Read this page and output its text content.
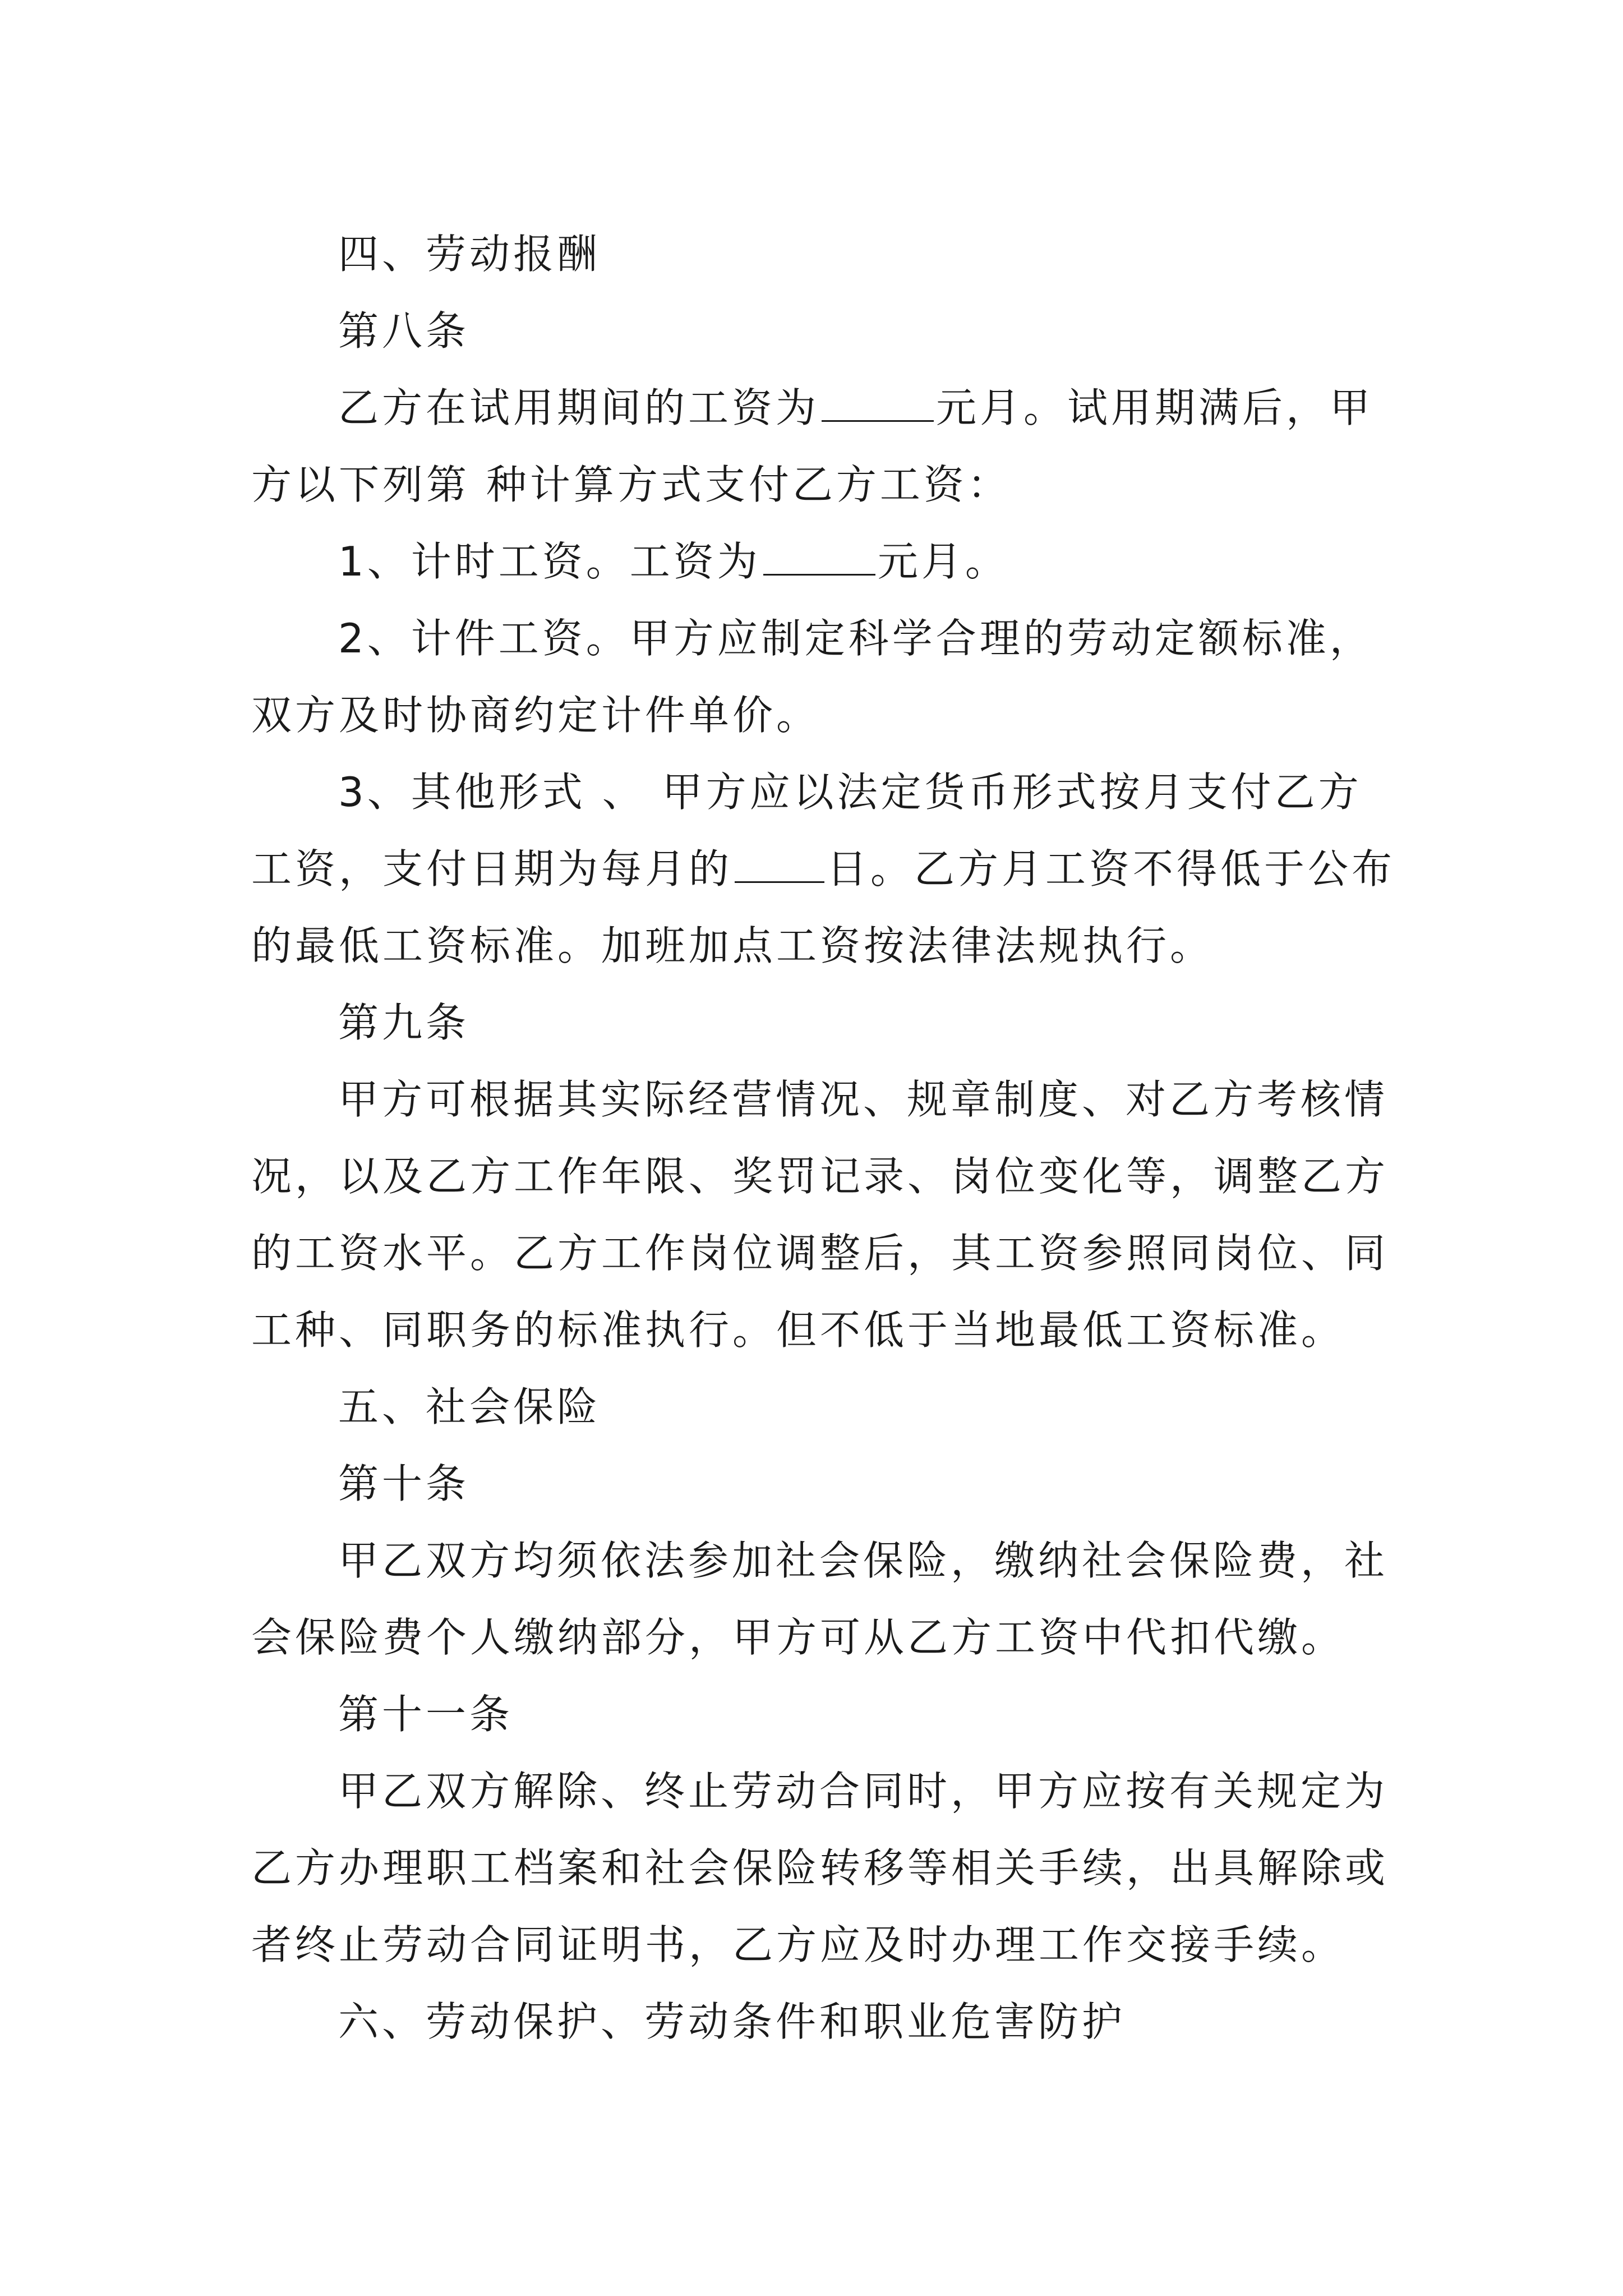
四、劳动报酬
第八条
乙方在试用期间的工资为	元月。试用期满后，甲
方以下列第 种计算方式支付乙方工资：
1、计时工资。工资为	元月。
2、计件工资。甲方应制定科学合理的劳动定额标准，
双方及时协商约定计件单价。
3、其他形式 、 甲方应以法定货币形式按月支付乙方
工资，支付日期为每月的 日。乙方月工资不得低于公布
的最低工资标准。加班加点工资按法律法规执行。
第九条
甲方可根据其实际经营情况、规章制度、对乙方考核情
况，以及乙方工作年限、奖罚记录、岗位变化等，调整乙方
的工资水平。乙方工作岗位调整后，其工资参照同岗位、同
工种、同职务的标准执行。但不低于当地最低工资标准。
五、社会保险
第十条
甲乙双方均须依法参加社会保险，缴纳社会保险费，社
会保险费个人缴纳部分，甲方可从乙方工资中代扣代缴。
第十一条
甲乙双方解除、终止劳动合同时，甲方应按有关规定为
乙方办理职工档案和社会保险转移等相关手续，出具解除或
者终止劳动合同证明书，乙方应及时办理工作交接手续。
六、劳动保护、劳动条件和职业危害防护
